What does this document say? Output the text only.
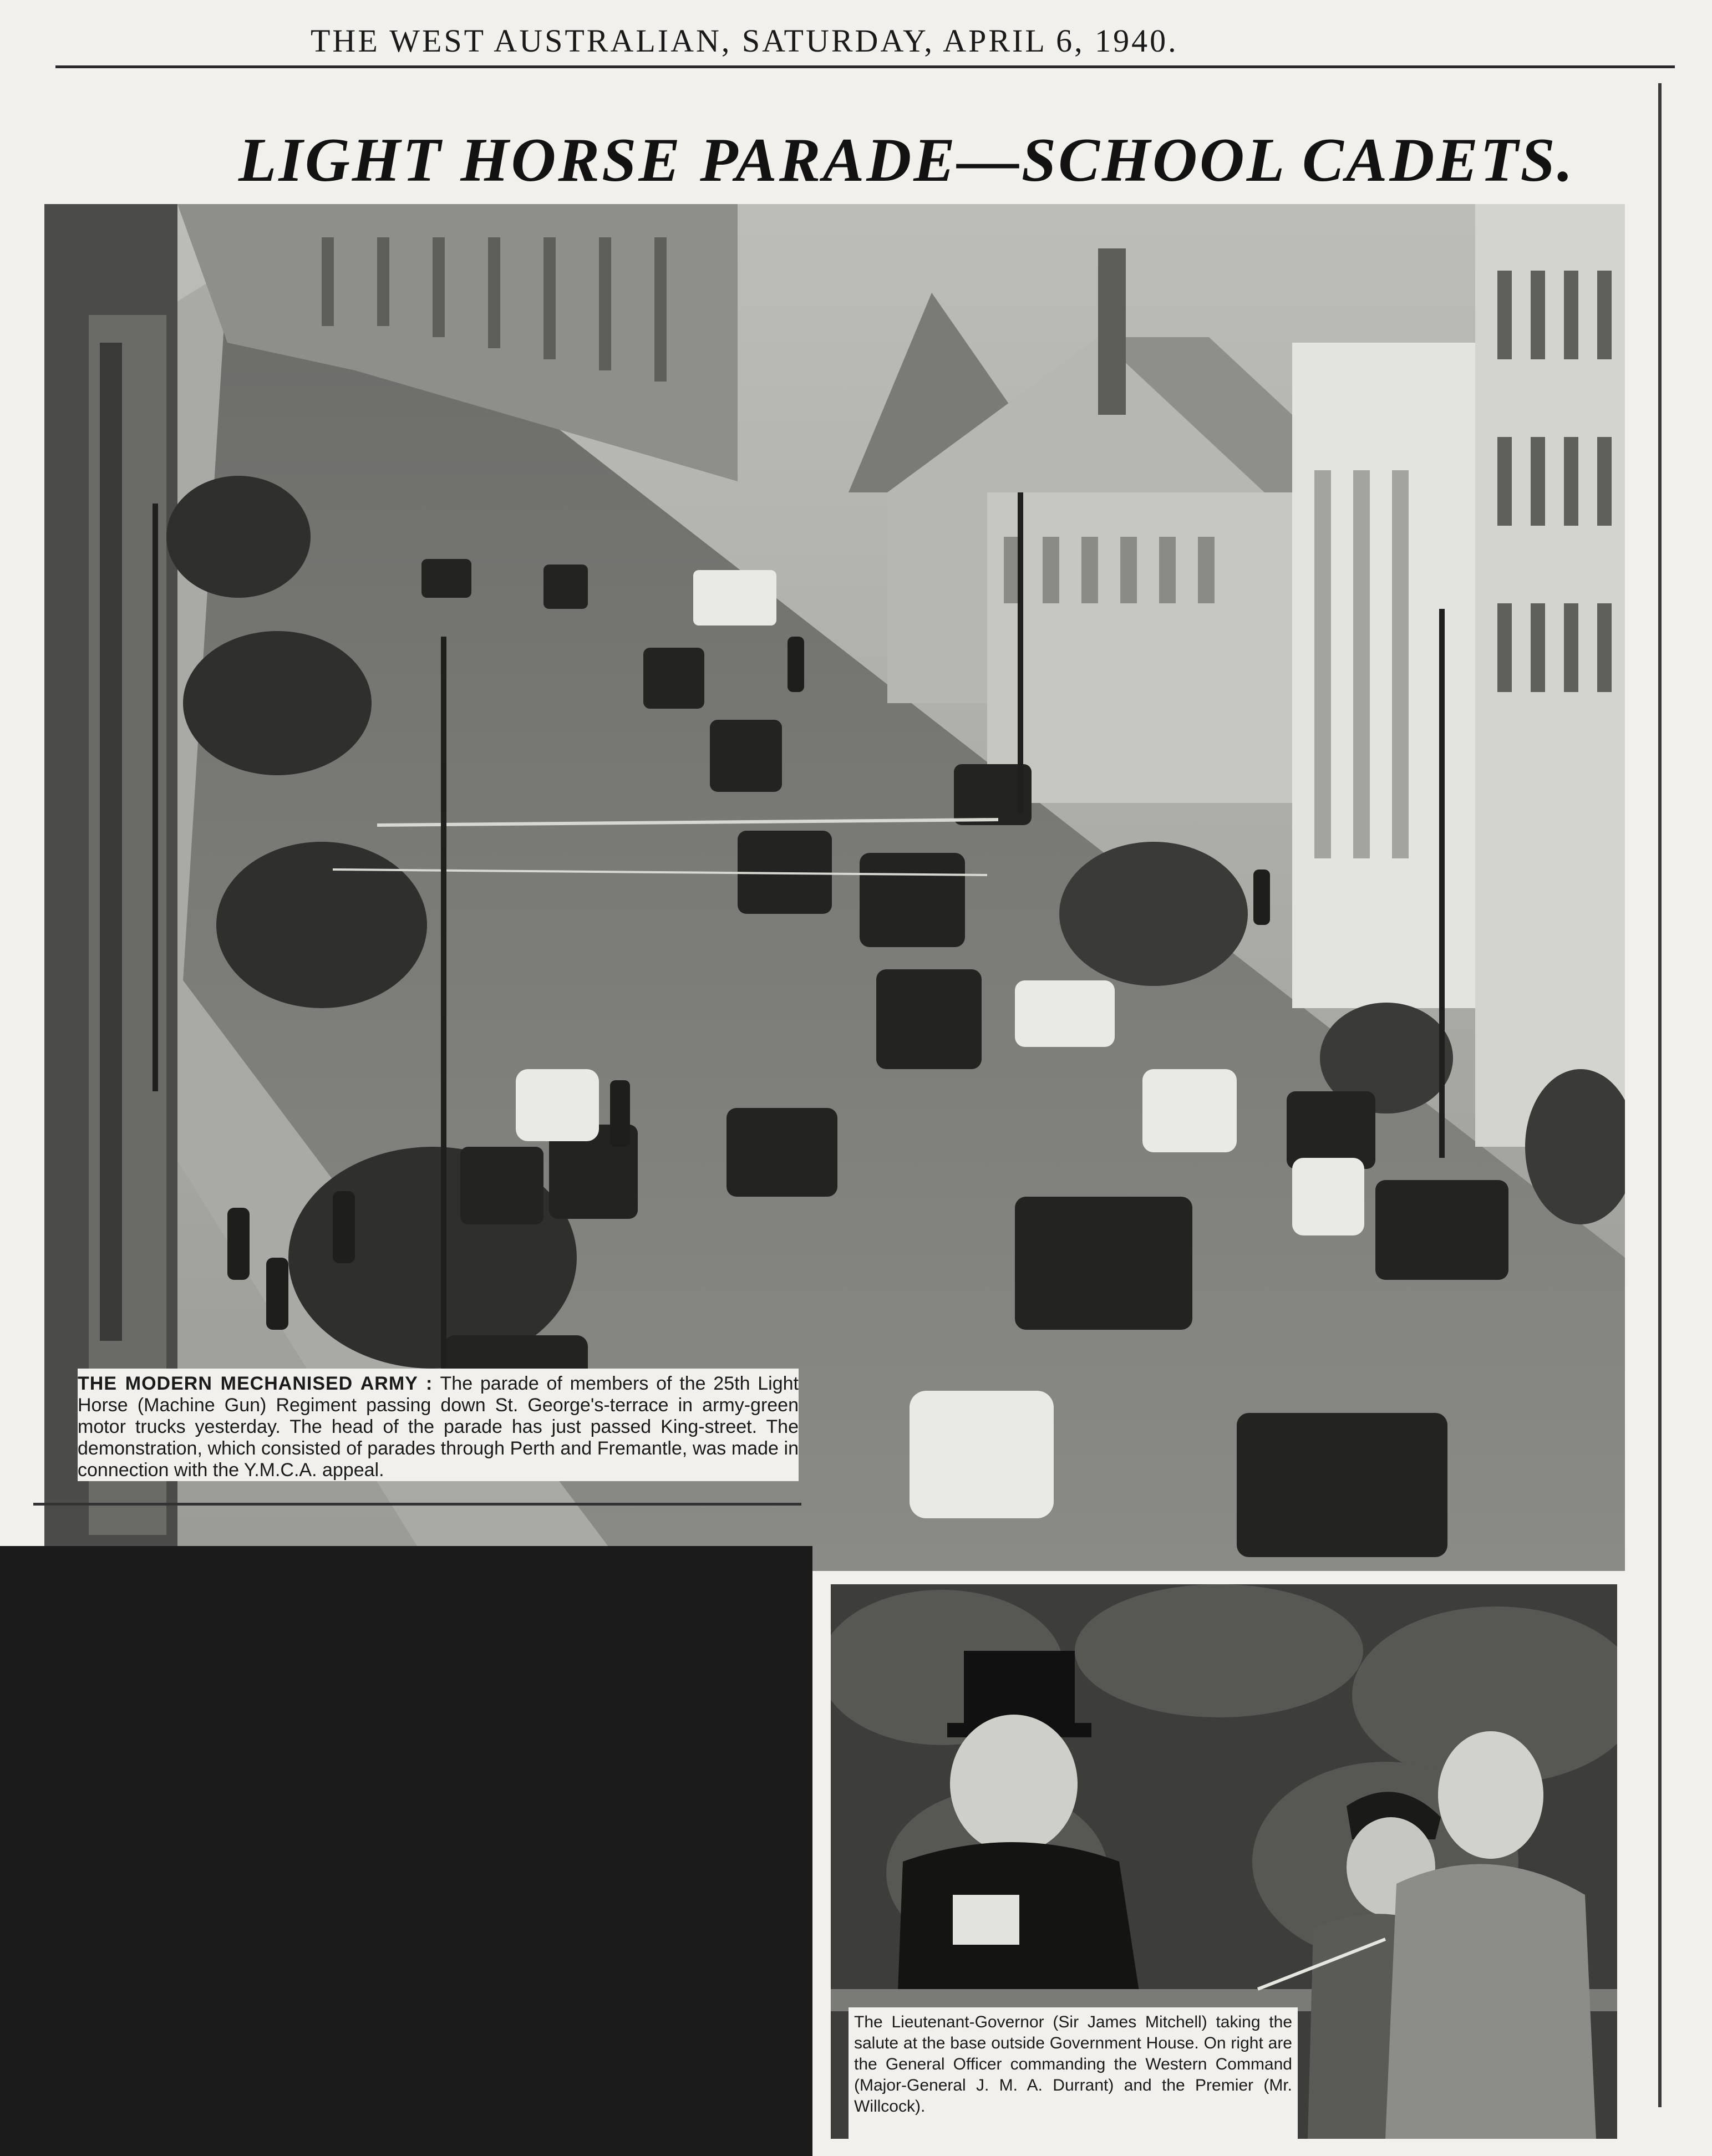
THE WEST AUSTRALIAN, SATURDAY, APRIL 6, 1940.
LIGHT HORSE PARADE—SCHOOL CADETS.
THE MODERN MECHANISED ARMY : The parade of members of the 25th Light Horse (Machine Gun) Regiment passing down St. George's-terrace in army-green motor trucks yesterday. The head of the parade has just passed King-street. The demonstration, which consisted of parades through Perth and Fremantle, was made in connection with the Y.M.C.A. appeal.
The Lieutenant-Governor (Sir James Mitchell) taking the salute at the base outside Government House. On right are the General Officer commanding the Western Command (Major-General J. M. A. Durrant) and the Premier (Mr. Willcock).
